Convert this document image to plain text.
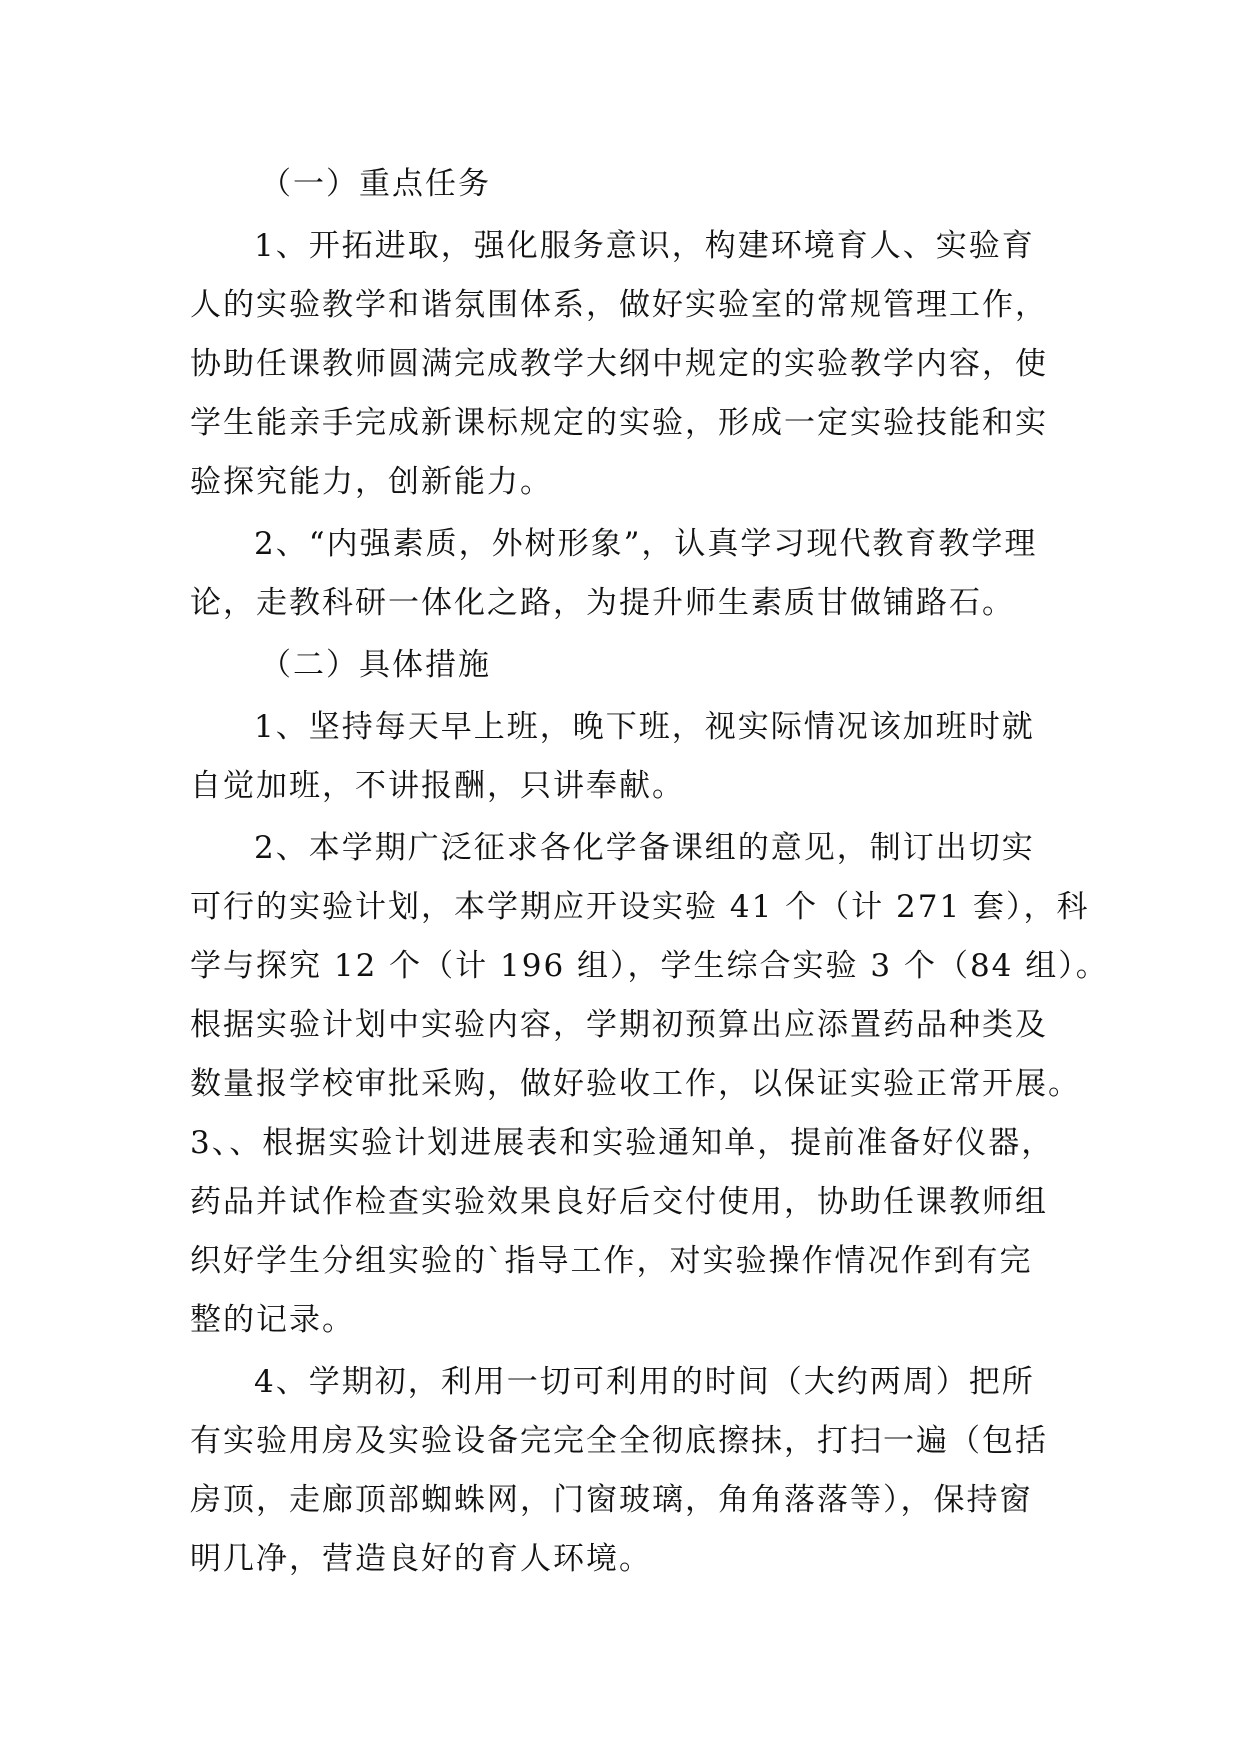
（一）重点任务
1、开拓进取，强化服务意识，构建环境育人、实验育
人的实验教学和谐氛围体系，做好实验室的常规管理工作，
协助任课教师圆满完成教学大纲中规定的实验教学内容，使
学生能亲手完成新课标规定的实验，形成一定实验技能和实
验探究能力，创新能力。
2、“内强素质，外树形象”，认真学习现代教育教学理
论，走教科研一体化之路，为提升师生素质甘做铺路石。
（二）具体措施
1、坚持每天早上班，晚下班，视实际情况该加班时就
自觉加班，不讲报酬，只讲奉献。
2、本学期广泛征求各化学备课组的意见，制订出切实
可行的实验计划，本学期应开设实验 41 个（计 271 套），科
学与探究 12 个（计 196 组），学生综合实验 3 个（84 组）。
根据实验计划中实验内容，学期初预算出应添置药品种类及
数量报学校审批采购，做好验收工作，以保证实验正常开展。
3、、根据实验计划进展表和实验通知单，提前准备好仪器，
药品并试作检查实验效果良好后交付使用，协助任课教师组
织好学生分组实验的`指导工作，对实验操作情况作到有完
整的记录。
4、学期初，利用一切可利用的时间（大约两周）把所
有实验用房及实验设备完完全全彻底擦抹，打扫一遍（包括
房顶，走廊顶部蜘蛛网，门窗玻璃，角角落落等），保持窗
明几净，营造良好的育人环境。
